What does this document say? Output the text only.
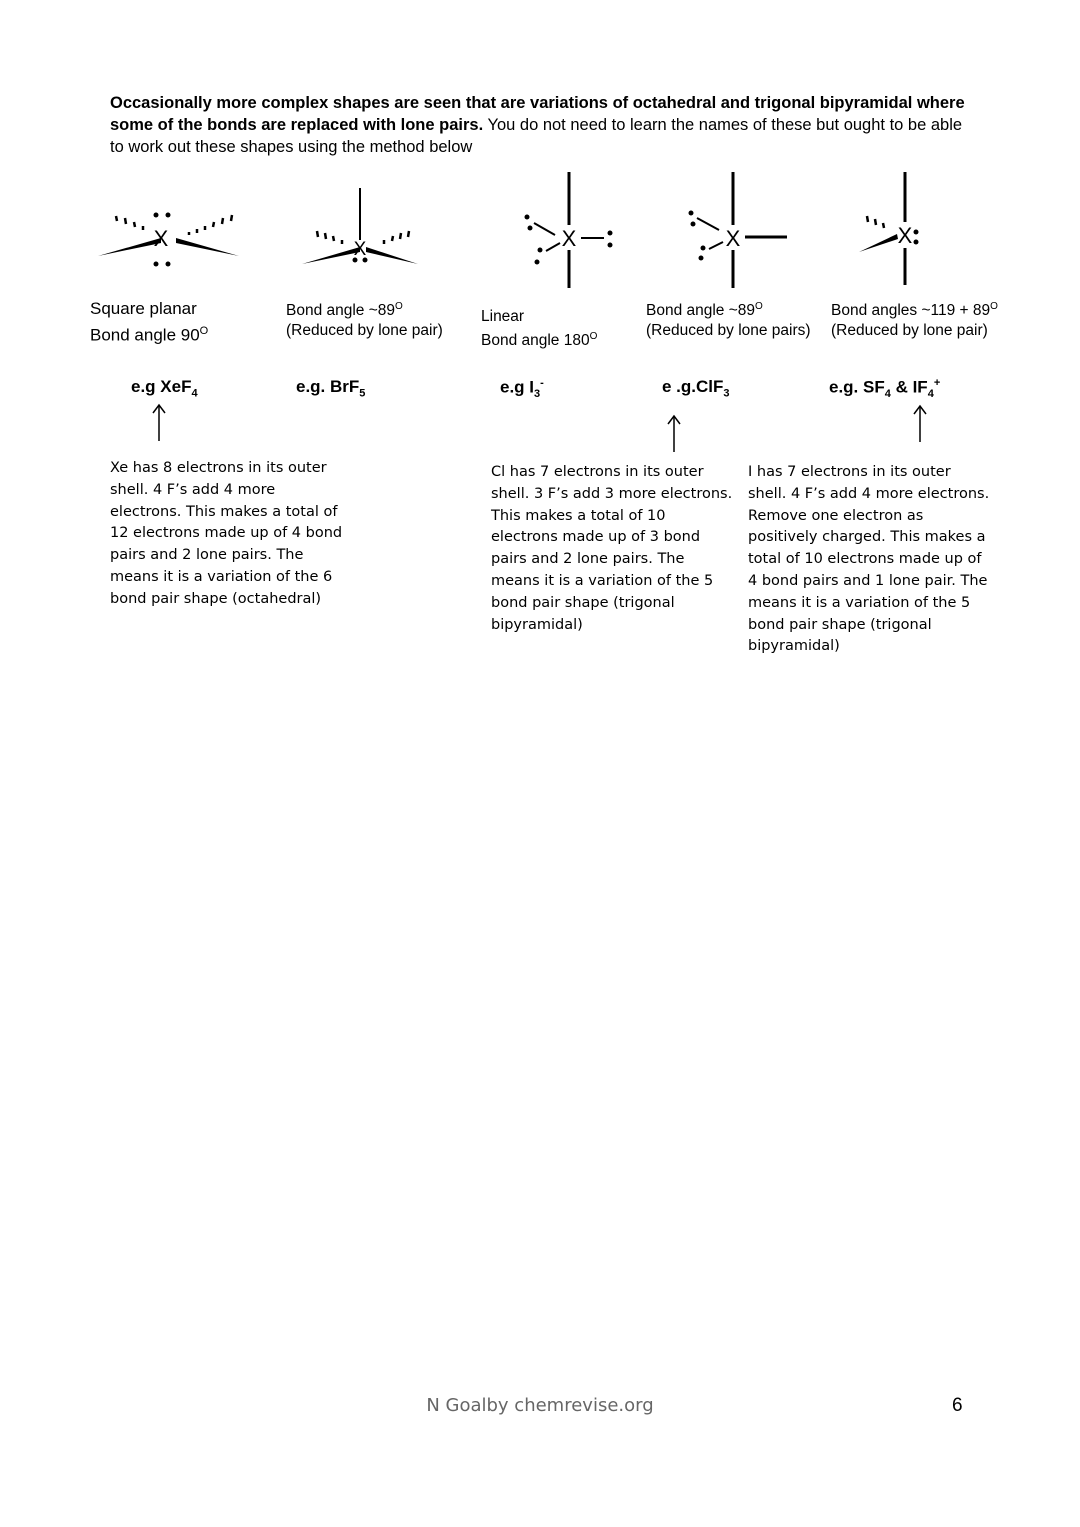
Occasionally more complex shapes are seen that are variations of octahedral and trigonal bipyramidal where some of the bonds are replaced with lone pairs. You do not need to learn the names of these but ought to be able to work out these shapes using the method below
X
Square planar
Bond angle $90^O$
X
Bond angle $\sim 89^O$
(Reduced by lone pair)
X
Linear
Bond angle $180^O$
X
Bond angle $\sim 89^O$
(Reduced by lone pairs)
X
Bond angles ~119 + $89^O$
(Reduced by lone pair)
e.g XeF$_4$	e.g. BrF$_5$	e.g $I_3^-$	e .g.ClF$_3$	e.g. $SF_4$ & $IF_4^+$
Xe has 8 electrons in its outer shell. 4 F’s add 4 more electrons. This makes a total of 12 electrons made up of 4 bond pairs and 2 lone pairs. The means it is a variation of the 6 bond pair shape (octahedral)
Cl has 7 electrons in its outer shell. 3 F’s add 3 more electrons. This makes a total of 10 electrons made up of 3 bond pairs and 2 lone pairs. The means it is a variation of the 5 bond pair shape (trigonal bipyramidal)
I has 7 electrons in its outer shell. 4 F’s add 4 more electrons. Remove one electron as positively charged. This makes a total of 10 electrons made up of 4 bond pairs and 1 lone pair. The means it is a variation of the 5 bond pair shape (trigonal bipyramidal)
N Goalby chemrevise.org	6
